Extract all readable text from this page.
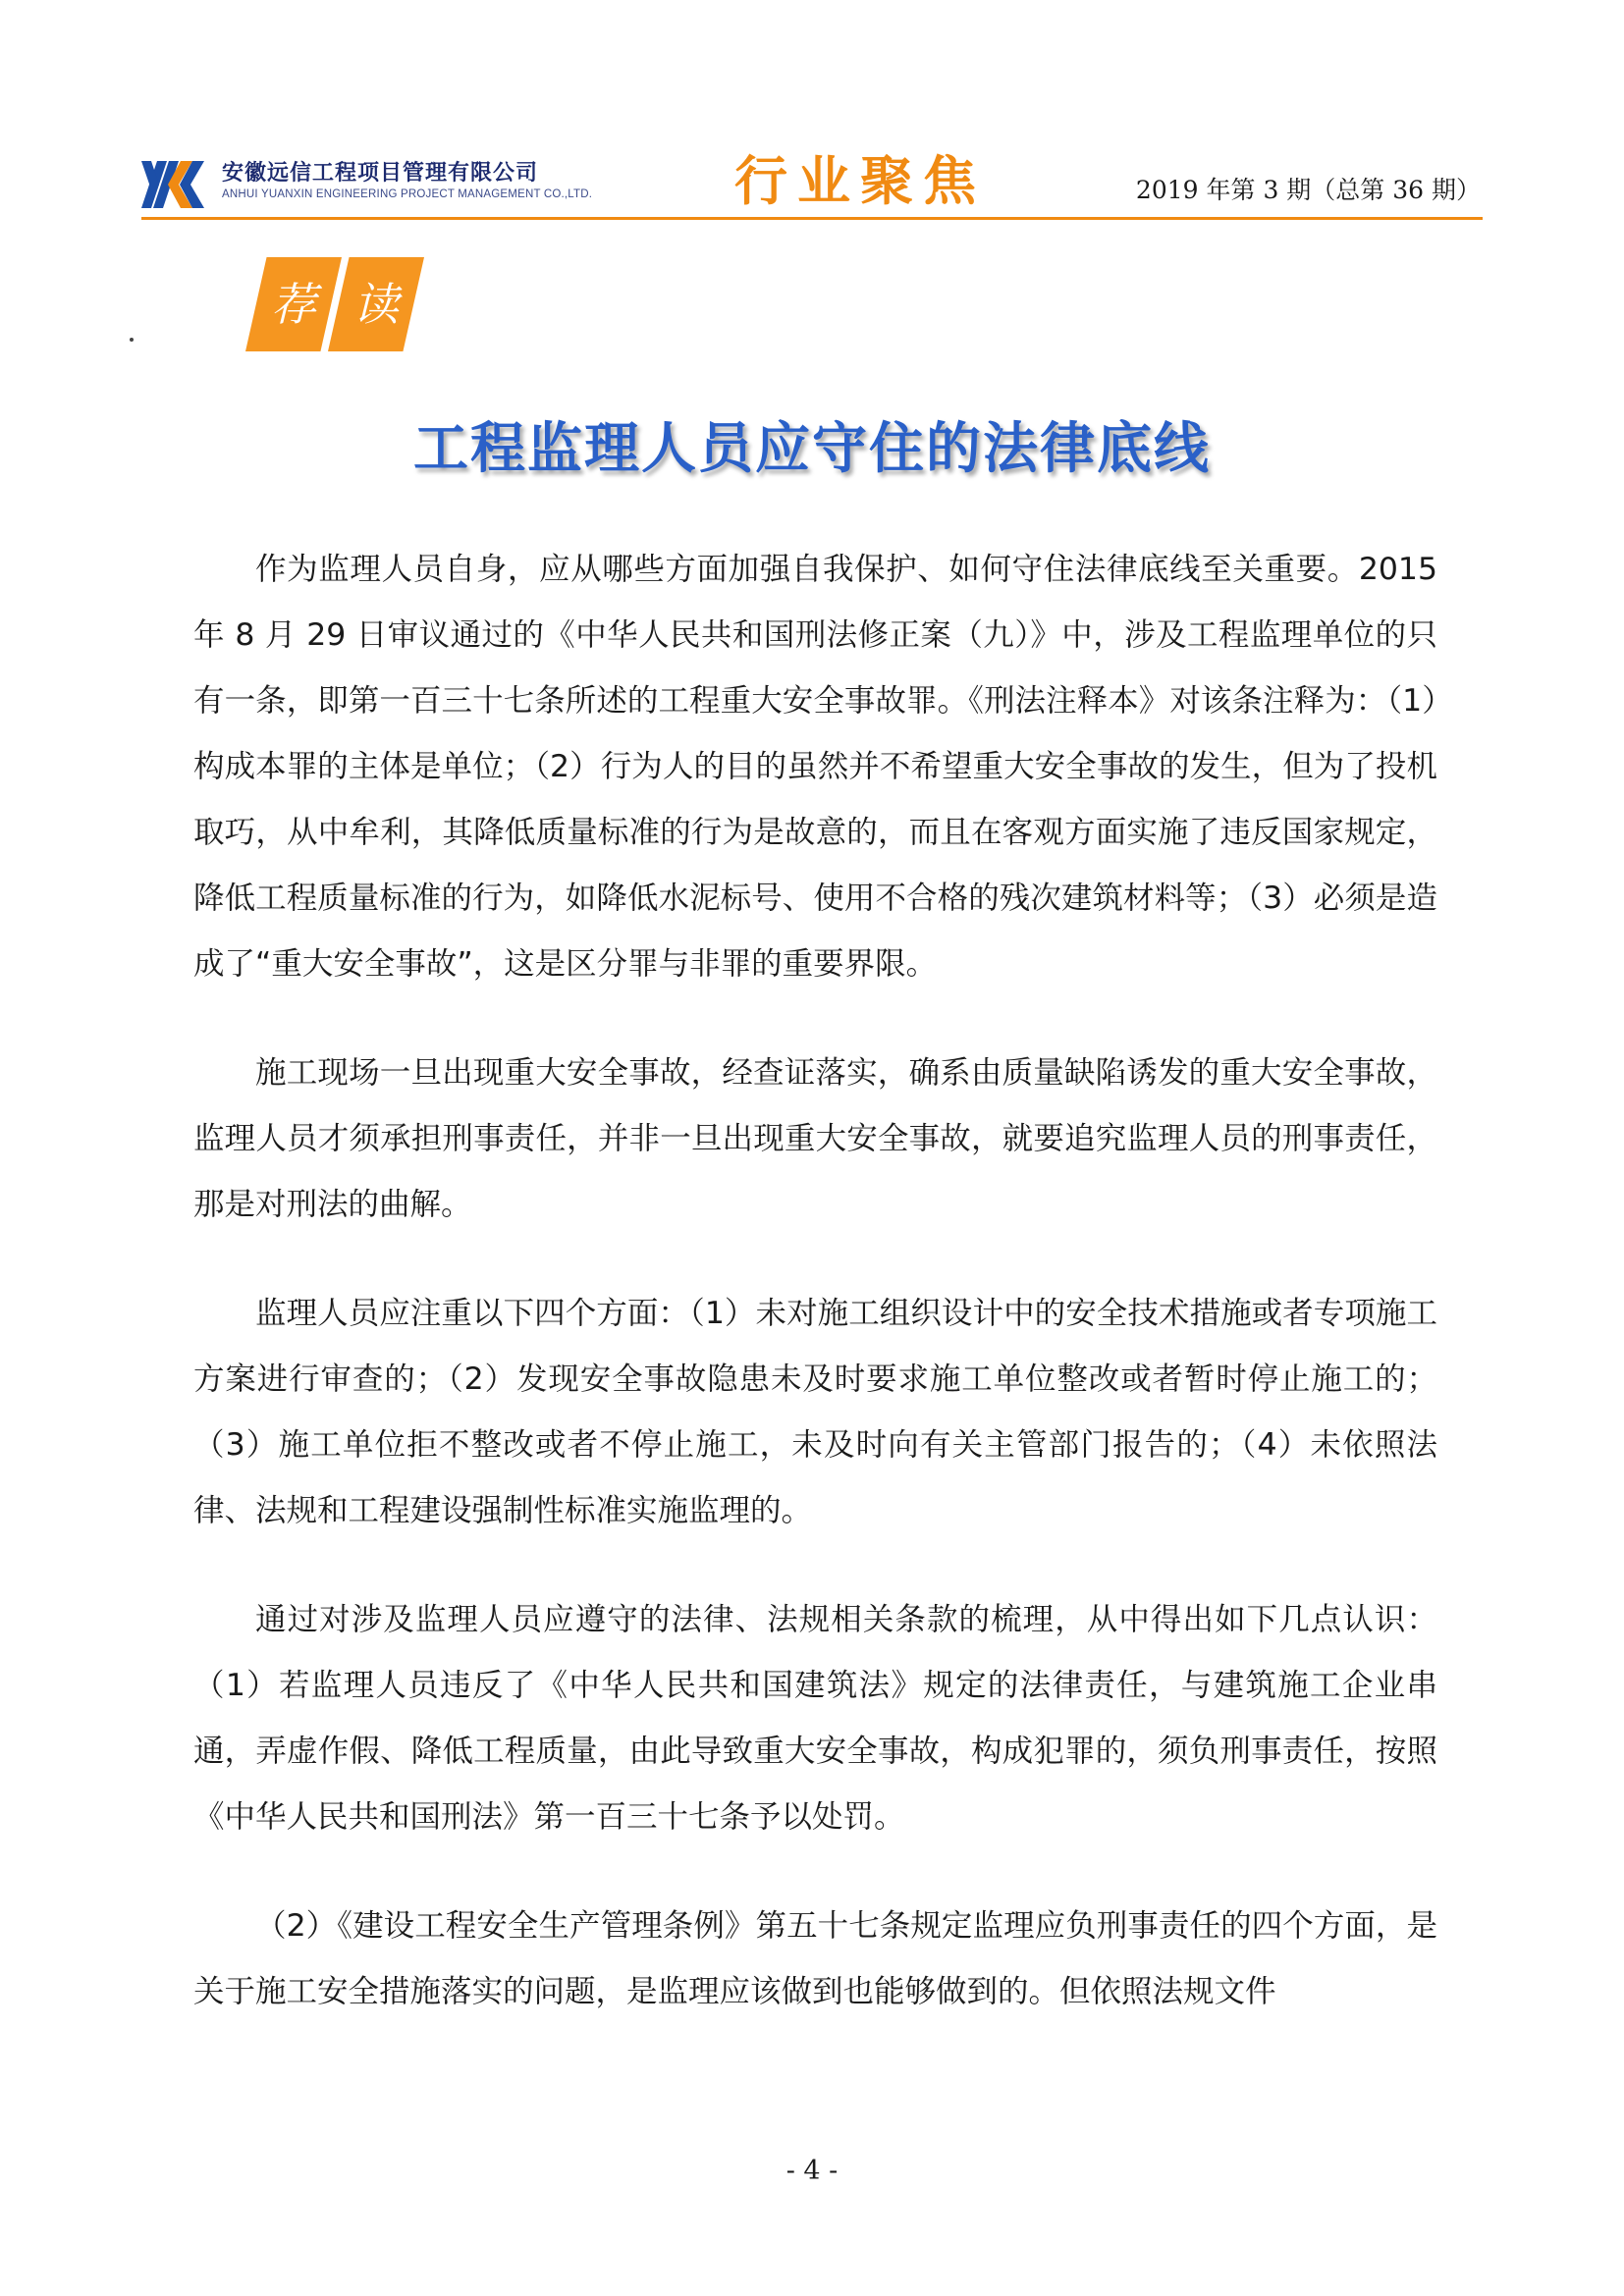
安徽远信工程项目管理有限公司
ANHUI YUANXIN ENGINEERING PROJECT MANAGEMENT CO.,LTD.	行业聚焦	2019 年第 3 期（总第 36 期）
荐 读
工程监理人员应守住的法律底线

作为监理人员自身，应从哪些方面加强自我保护、如何守住法律底线至关重要。2015 年 8 月 29 日审议通过的《中华人民共和国刑法修正案（九）》中，涉及工程监理单位的只有一条，即第一百三十七条所述的工程重大安全事故罪。《刑法注释本》对该条注释为：（1）构成本罪的主体是单位；（2）行为人的目的虽然并不希望重大安全事故的发生，但为了投机取巧，从中牟利，其降低质量标准的行为是故意的，而且在客观方面实施了违反国家规定，降低工程质量标准的行为，如降低水泥标号、使用不合格的残次建筑材料等；（3）必须是造成了“重大安全事故”，这是区分罪与非罪的重要界限。

施工现场一旦出现重大安全事故，经查证落实，确系由质量缺陷诱发的重大安全事故，监理人员才须承担刑事责任，并非一旦出现重大安全事故，就要追究监理人员的刑事责任，那是对刑法的曲解。

监理人员应注重以下四个方面：（1）未对施工组织设计中的安全技术措施或者专项施工方案进行审查的；（2）发现安全事故隐患未及时要求施工单位整改或者暂时停止施工的；（3）施工单位拒不整改或者不停止施工，未及时向有关主管部门报告的；（4）未依照法律、法规和工程建设强制性标准实施监理的。

通过对涉及监理人员应遵守的法律、法规相关条款的梳理，从中得出如下几点认识：（1）若监理人员违反了《中华人民共和国建筑法》规定的法律责任，与建筑施工企业串通，弄虚作假、降低工程质量，由此导致重大安全事故，构成犯罪的，须负刑事责任，按照《中华人民共和国刑法》第一百三十七条予以处罚。

（2）《建设工程安全生产管理条例》第五十七条规定监理应负刑事责任的四个方面，是关于施工安全措施落实的问题，是监理应该做到也能够做到的。但依照法规文件

- 4 -
